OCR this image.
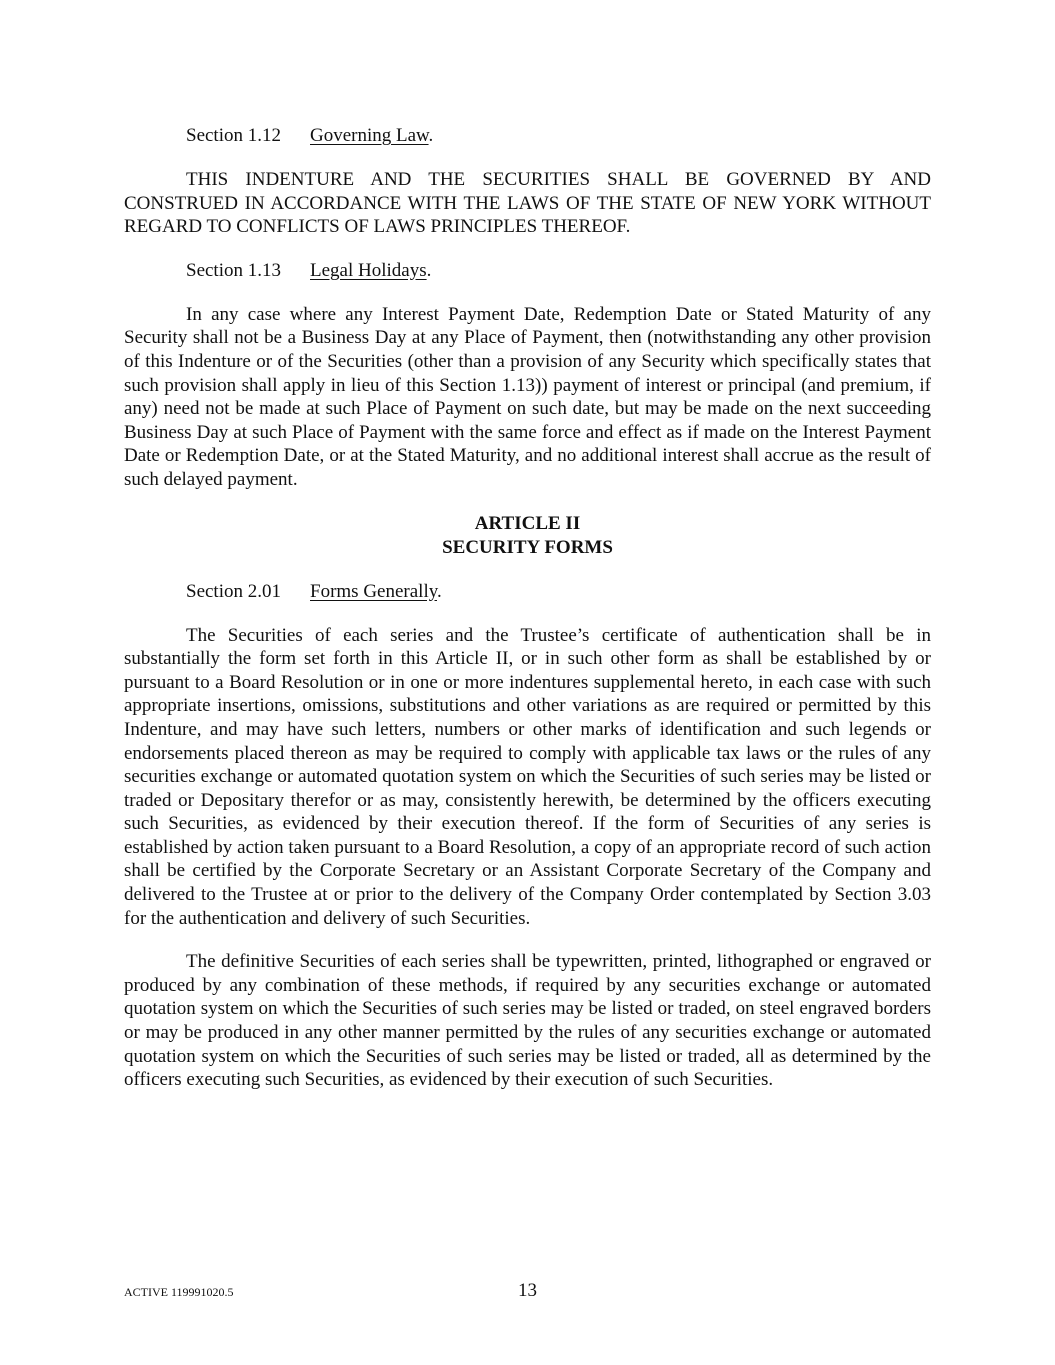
Section 1.12 Governing Law.

THIS INDENTURE AND THE SECURITIES SHALL BE GOVERNED BY AND CONSTRUED IN ACCORDANCE WITH THE LAWS OF THE STATE OF NEW YORK WITHOUT REGARD TO CONFLICTS OF LAWS PRINCIPLES THEREOF.

Section 1.13 Legal Holidays.

In any case where any Interest Payment Date, Redemption Date or Stated Maturity of any Security shall not be a Business Day at any Place of Payment, then (notwithstanding any other provision of this Indenture or of the Securities (other than a provision of any Security which specifically states that such provision shall apply in lieu of this Section 1.13)) payment of interest or principal (and premium, if any) need not be made at such Place of Payment on such date, but may be made on the next succeeding Business Day at such Place of Payment with the same force and effect as if made on the Interest Payment Date or Redemption Date, or at the Stated Maturity, and no additional interest shall accrue as the result of such delayed payment.

ARTICLE II
SECURITY FORMS
Section 2.01 Forms Generally.

The Securities of each series and the Trustee’s certificate of authentication shall be in substantially the form set forth in this Article II, or in such other form as shall be established by or pursuant to a Board Resolution or in one or more indentures supplemental hereto, in each case with such appropriate insertions, omissions, substitutions and other variations as are required or permitted by this Indenture, and may have such letters, numbers or other marks of identification and such legends or endorsements placed thereon as may be required to comply with applicable tax laws or the rules of any securities exchange or automated quotation system on which the Securities of such series may be listed or traded or Depositary therefor or as may, consistently herewith, be determined by the officers executing such Securities, as evidenced by their execution thereof. If the form of Securities of any series is established by action taken pursuant to a Board Resolution, a copy of an appropriate record of such action shall be certified by the Corporate Secretary or an Assistant Corporate Secretary of the Company and delivered to the Trustee at or prior to the delivery of the Company Order contemplated by Section 3.03 for the authentication and delivery of such Securities.

The definitive Securities of each series shall be typewritten, printed, lithographed or engraved or produced by any combination of these methods, if required by any securities exchange or automated quotation system on which the Securities of such series may be listed or traded, on steel engraved borders or may be produced in any other manner permitted by the rules of any securities exchange or automated quotation system on which the Securities of such series may be listed or traded, all as determined by the officers executing such Securities, as evidenced by their execution of such Securities.

ACTIVE 119991020.5	13
